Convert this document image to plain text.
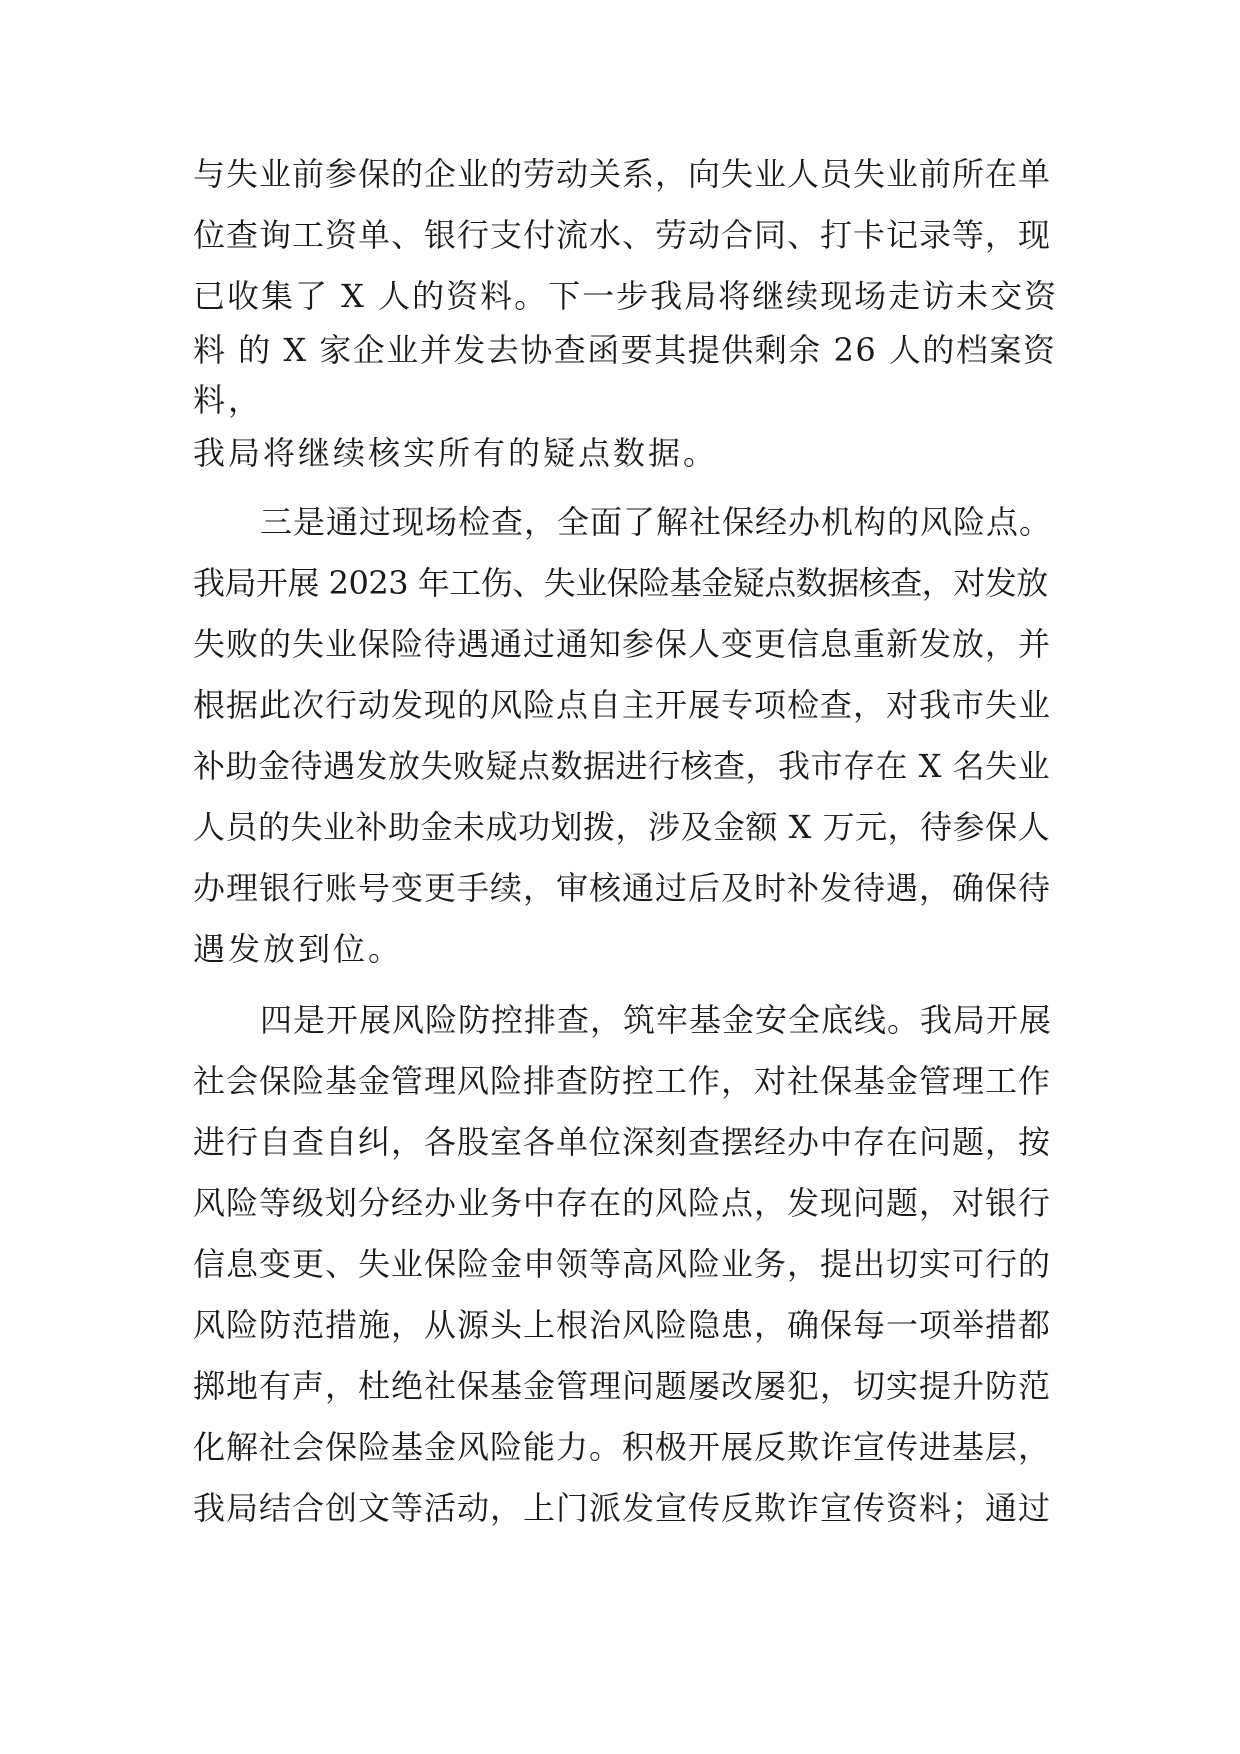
与失业前参保的企业的劳动关系，向失业人员失业前所在单
位查询工资单、银行支付流水、劳动合同、打卡记录等，现
已收集了 X 人的资料。下一步我局将继续现场走访未交资
料 的 X 家企业并发去协查函要其提供剩余 26 人的档案资
料，
我局将继续核实所有的疑点数据。
三是通过现场检查，全面了解社保经办机构的风险点。
我局开展 2023 年工伤、失业保险基金疑点数据核查，对发放
失败的失业保险待遇通过通知参保人变更信息重新发放，并
根据此次行动发现的风险点自主开展专项检查，对我市失业
补助金待遇发放失败疑点数据进行核查，我市存在 X 名失业
人员的失业补助金未成功划拨，涉及金额 X 万元，待参保人
办理银行账号变更手续，审核通过后及时补发待遇，确保待
遇发放到位。
四是开展风险防控排查，筑牢基金安全底线。我局开展
社会保险基金管理风险排查防控工作，对社保基金管理工作
进行自查自纠，各股室各单位深刻查摆经办中存在问题，按
风险等级划分经办业务中存在的风险点，发现问题，对银行
信息变更、失业保险金申领等高风险业务，提出切实可行的
风险防范措施，从源头上根治风险隐患，确保每一项举措都
掷地有声，杜绝社保基金管理问题屡改屡犯，切实提升防范
化解社会保险基金风险能力。积极开展反欺诈宣传进基层，
我局结合创文等活动，上门派发宣传反欺诈宣传资料；通过
